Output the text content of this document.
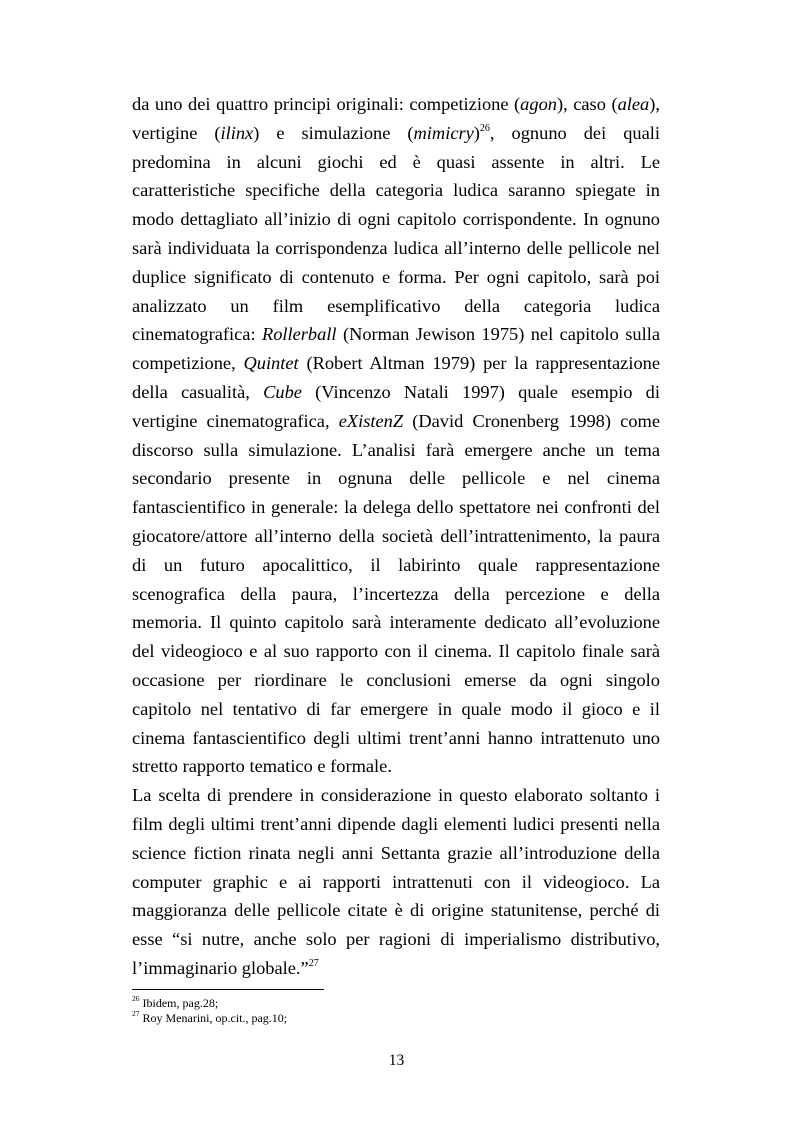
da uno dei quattro principi originali: competizione (agon), caso (alea),
vertigine (ilinx) e simulazione (mimicry)$^{26}$, ognuno dei quali
predomina in alcuni giochi ed è quasi assente in altri. Le
caratteristiche specifiche della categoria ludica saranno spiegate in
modo dettagliato all’inizio di ogni capitolo corrispondente. In ognuno
sarà individuata la corrispondenza ludica all’interno delle pellicole nel
duplice significato di contenuto e forma. Per ogni capitolo, sarà poi
analizzato un film esemplificativo della categoria ludica
cinematografica: Rollerball (Norman Jewison 1975) nel capitolo sulla
competizione, Quintet (Robert Altman 1979) per la rappresentazione
della casualità, Cube (Vincenzo Natali 1997) quale esempio di
vertigine cinematografica, eXistenZ (David Cronenberg 1998) come
discorso sulla simulazione. L’analisi farà emergere anche un tema
secondario presente in ognuna delle pellicole e nel cinema
fantascientifico in generale: la delega dello spettatore nei confronti del
giocatore/attore all’interno della società dell’intrattenimento, la paura
di un futuro apocalittico, il labirinto quale rappresentazione
scenografica della paura, l’incertezza della percezione e della
memoria. Il quinto capitolo sarà interamente dedicato all’evoluzione
del videogioco e al suo rapporto con il cinema. Il capitolo finale sarà
occasione per riordinare le conclusioni emerse da ogni singolo
capitolo nel tentativo di far emergere in quale modo il gioco e il
cinema fantascientifico degli ultimi trent’anni hanno intrattenuto uno
stretto rapporto tematico e formale.
La scelta di prendere in considerazione in questo elaborato soltanto i
film degli ultimi trent’anni dipende dagli elementi ludici presenti nella
science fiction rinata negli anni Settanta grazie all’introduzione della
computer graphic e ai rapporti intrattenuti con il videogioco. La
maggioranza delle pellicole citate è di origine statunitense, perché di
esse “si nutre, anche solo per ragioni di imperialismo distributivo,
l’immaginario globale.”$^{27}$
$^{26}$ Ibidem, pag.28;
$^{27}$ Roy Menarini, op.cit., pag.10;
13
